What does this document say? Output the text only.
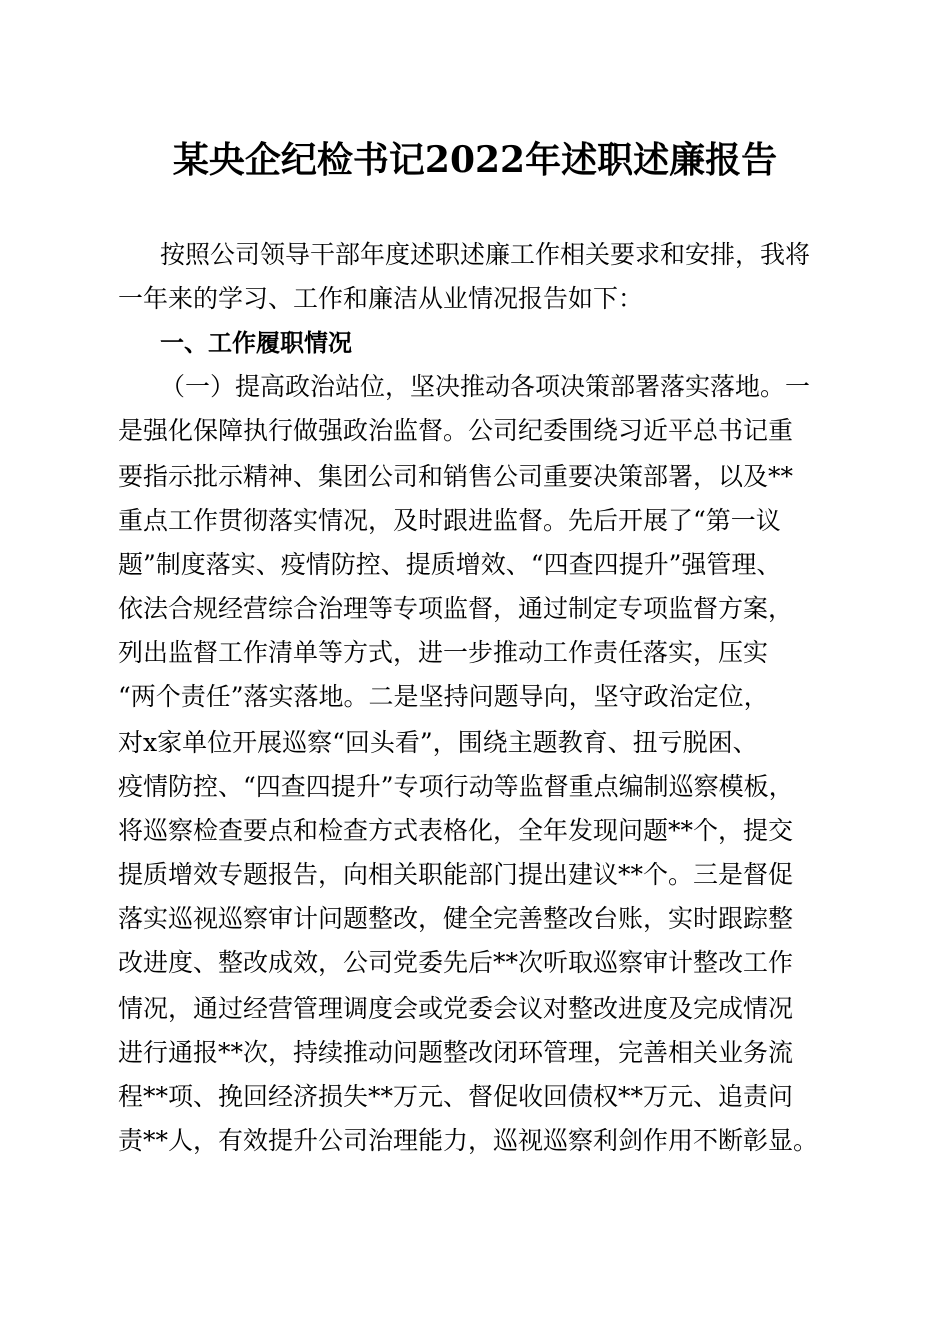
某央企纪检书记2022年述职述廉报告
按照公司领导干部年度述职述廉工作相关要求和安排，我将
一年来的学习、工作和廉洁从业情况报告如下：
一、工作履职情况
（一）提高政治站位，坚决推动各项决策部署落实落地。一
是强化保障执行做强政治监督。公司纪委围绕习近平总书记重
要指示批示精神、集团公司和销售公司重要决策部署，以及**
重点工作贯彻落实情况，及时跟进监督。先后开展了“第一议
题”制度落实、疫情防控、提质增效、“四查四提升”强管理、
依法合规经营综合治理等专项监督，通过制定专项监督方案，
列出监督工作清单等方式，进一步推动工作责任落实，压实
“两个责任”落实落地。二是坚持问题导向，坚守政治定位，
对x家单位开展巡察“回头看”，围绕主题教育、扭亏脱困、
疫情防控、“四查四提升”专项行动等监督重点编制巡察模板，
将巡察检查要点和检查方式表格化，全年发现问题**个，提交
提质增效专题报告，向相关职能部门提出建议**个。三是督促
落实巡视巡察审计问题整改，健全完善整改台账，实时跟踪整
改进度、整改成效，公司党委先后**次听取巡察审计整改工作
情况，通过经营管理调度会或党委会议对整改进度及完成情况
进行通报**次，持续推动问题整改闭环管理，完善相关业务流
程**项、挽回经济损失**万元、督促收回债权**万元、追责问
责**人，有效提升公司治理能力，巡视巡察利剑作用不断彰显。
